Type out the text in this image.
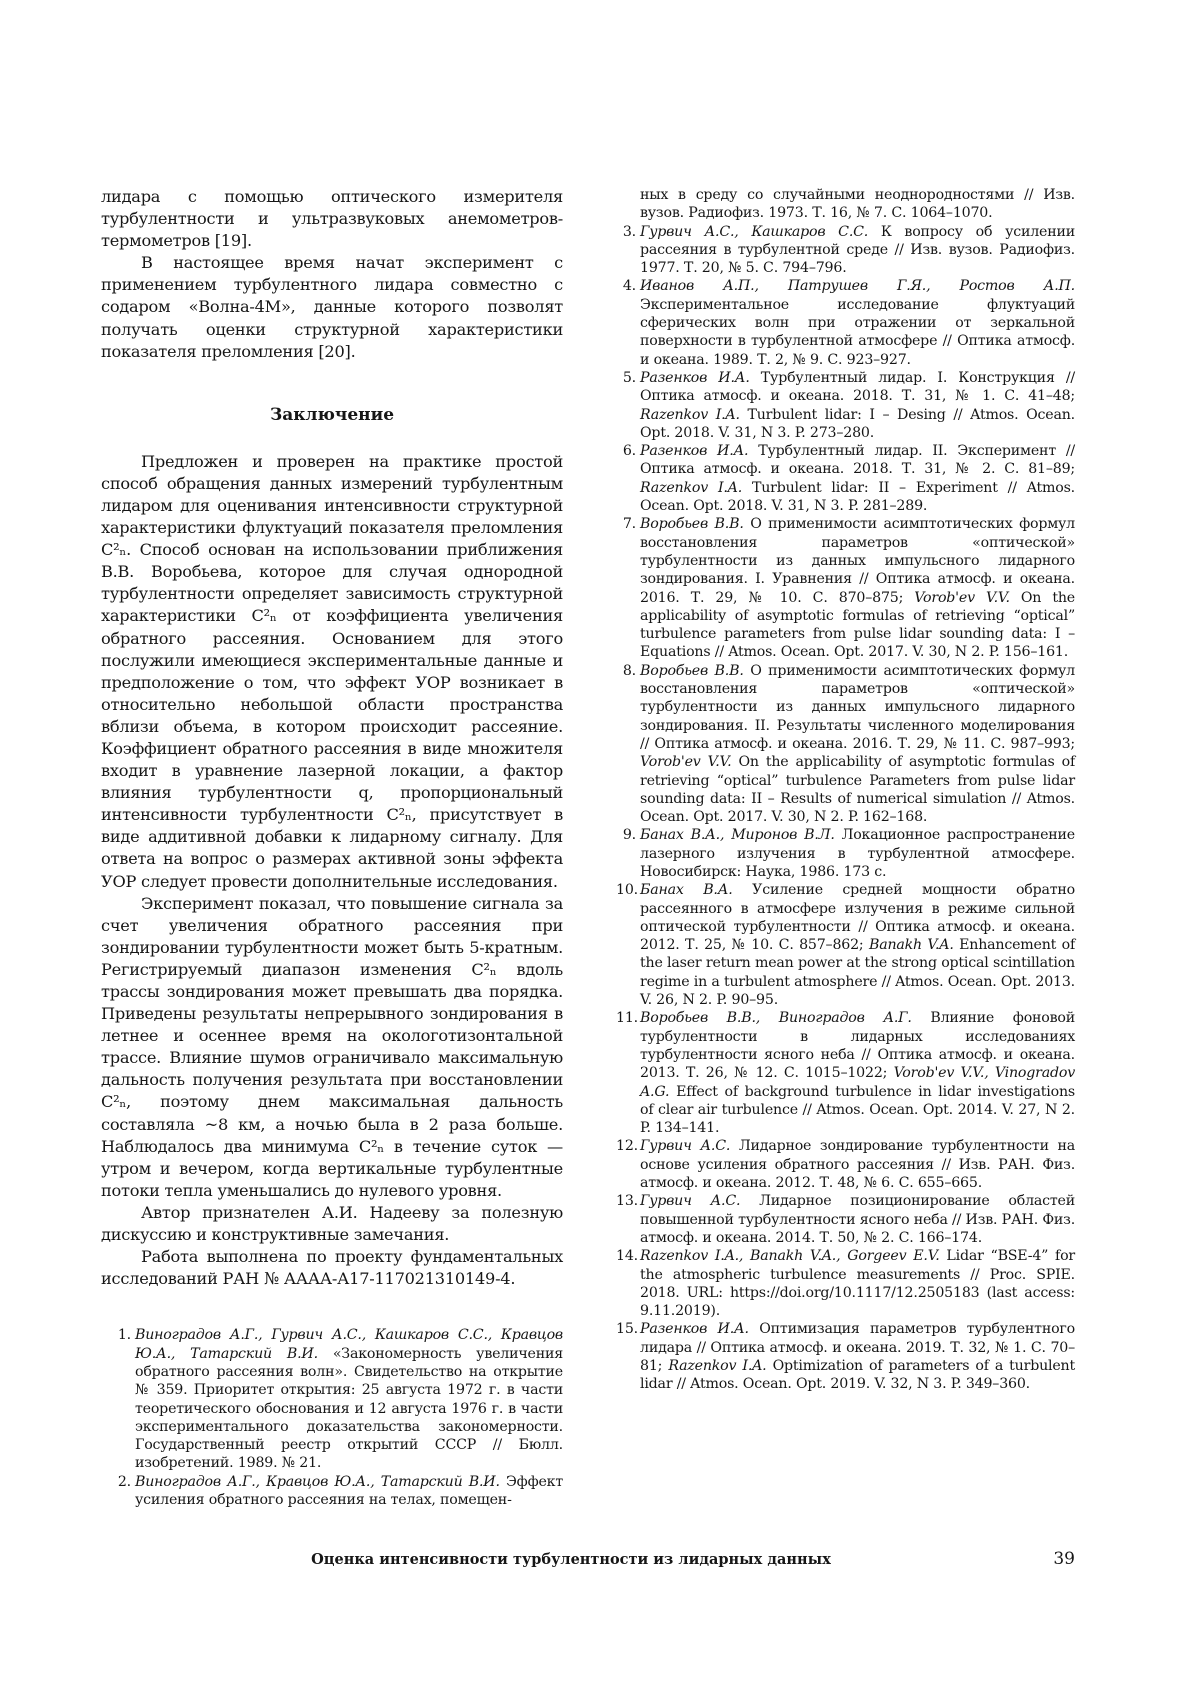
лидара с помощью оптического измерителя турбулентности и ультразвуковых анемометров-термометров [19].

В настоящее время начат эксперимент с применением турбулентного лидара совместно с содаром «Волна-4М», данные которого позволят получать оценки структурной характеристики показателя преломления [20].

Заключение

Предложен и проверен на практике простой способ обращения данных измерений турбулентным лидаром для оценивания интенсивности структурной характеристики флуктуаций показателя преломления C²ₙ. Способ основан на использовании приближения В.В. Воробьева, которое для случая однородной турбулентности определяет зависимость структурной характеристики C²ₙ от коэффициента увеличения обратного рассеяния. Основанием для этого послужили имеющиеся экспериментальные данные и предположение о том, что эффект УОР возникает в относительно небольшой области пространства вблизи объема, в котором происходит рассеяние. Коэффициент обратного рассеяния в виде множителя входит в уравнение лазерной локации, а фактор влияния турбулентности q, пропорциональный интенсивности турбулентности C²ₙ, присутствует в виде аддитивной добавки к лидарному сигналу. Для ответа на вопрос о размерах активной зоны эффекта УОР следует провести дополнительные исследования.

Эксперимент показал, что повышение сигнала за счет увеличения обратного рассеяния при зондировании турбулентности может быть 5-кратным. Регистрируемый диапазон изменения C²ₙ вдоль трассы зондирования может превышать два порядка. Приведены результаты непрерывного зондирования в летнее и осеннее время на окологотизонтальной трассе. Влияние шумов ограничивало максимальную дальность получения результата при восстановлении C²ₙ, поэтому днем максимальная дальность составляла ~8 км, а ночью была в 2 раза больше. Наблюдалось два минимума C²ₙ в течение суток — утром и вечером, когда вертикальные турбулентные потоки тепла уменьшались до нулевого уровня.

Автор признателен А.И. Надееву за полезную дискуссию и конструктивные замечания.

Работа выполнена по проекту фундаментальных исследований РАН № АААА-А17-117021310149-4.

1. Виноградов А.Г., Гурвич А.С., Кашкаров С.С., Кравцов Ю.А., Татарский В.И. «Закономерность увеличения обратного рассеяния волн». Свидетельство на открытие № 359. Приоритет открытия: 25 августа 1972 г. в части теоретического обоснования и 12 августа 1976 г. в части экспериментального доказательства закономерности. Государственный реестр открытий СССР // Бюлл. изобретений. 1989. № 21.

2. Виноградов А.Г., Кравцов Ю.А., Татарский В.И. Эффект усиления обратного рассеяния на телах, помещен-

ных в среду со случайными неоднородностями // Изв. вузов. Радиофиз. 1973. Т. 16, № 7. С. 1064–1070.

3. Гурвич А.С., Кашкаров С.С. К вопросу об усилении рассеяния в турбулентной среде // Изв. вузов. Радиофиз. 1977. Т. 20, № 5. С. 794–796.

4. Иванов А.П., Патрушев Г.Я., Ростов А.П. Экспериментальное исследование флуктуаций сферических волн при отражении от зеркальной поверхности в турбулентной атмосфере // Оптика атмосф. и океана. 1989. Т. 2, № 9. С. 923–927.

5. Разенков И.А. Турбулентный лидар. I. Конструкция // Оптика атмосф. и океана. 2018. Т. 31, № 1. С. 41–48; Razenkov I.A. Turbulent lidar: I – Desing // Atmos. Ocean. Opt. 2018. V. 31, N 3. P. 273–280.

6. Разенков И.А. Турбулентный лидар. II. Эксперимент // Оптика атмосф. и океана. 2018. Т. 31, № 2. С. 81–89; Razenkov I.A. Turbulent lidar: II – Experiment // Atmos. Ocean. Opt. 2018. V. 31, N 3. P. 281–289.

7. Воробьев В.В. О применимости асимптотических формул восстановления параметров «оптической» турбулентности из данных импульсного лидарного зондирования. I. Уравнения // Оптика атмосф. и океана. 2016. Т. 29, № 10. С. 870–875; Vorob'ev V.V. On the applicability of asymptotic formulas of retrieving “optical” turbulence parameters from pulse lidar sounding data: I – Equations // Atmos. Ocean. Opt. 2017. V. 30, N 2. P. 156–161.

8. Воробьев В.В. О применимости асимптотических формул восстановления параметров «оптической» турбулентности из данных импульсного лидарного зондирования. II. Результаты численного моделирования // Оптика атмосф. и океана. 2016. Т. 29, № 11. С. 987–993; Vorob'ev V.V. On the applicability of asymptotic formulas of retrieving “optical” turbulence Parameters from pulse lidar sounding data: II – Results of numerical simulation // Atmos. Ocean. Opt. 2017. V. 30, N 2. P. 162–168.

9. Банах В.А., Миронов В.Л. Локационное распространение лазерного излучения в турбулентной атмосфере. Новосибирск: Наука, 1986. 173 с.

10. Банах В.А. Усиление средней мощности обратно рассеянного в атмосфере излучения в режиме сильной оптической турбулентности // Оптика атмосф. и океана. 2012. Т. 25, № 10. С. 857–862; Banakh V.A. Enhancement of the laser return mean power at the strong optical scintillation regime in a turbulent atmosphere // Atmos. Ocean. Opt. 2013. V. 26, N 2. P. 90–95.

11. Воробьев В.В., Виноградов А.Г. Влияние фоновой турбулентности в лидарных исследованиях турбулентности ясного неба // Оптика атмосф. и океана. 2013. Т. 26, № 12. С. 1015–1022; Vorob'ev V.V., Vinogradov A.G. Effect of background turbulence in lidar investigations of clear air turbulence // Atmos. Ocean. Opt. 2014. V. 27, N 2. P. 134–141.

12. Гурвич А.С. Лидарное зондирование турбулентности на основе усиления обратного рассеяния // Изв. РАН. Физ. атмосф. и океана. 2012. Т. 48, № 6. С. 655–665.

13. Гурвич А.С. Лидарное позиционирование областей повышенной турбулентности ясного неба // Изв. РАН. Физ. атмосф. и океана. 2014. Т. 50, № 2. С. 166–174.

14. Razenkov I.A., Banakh V.A., Gorgeev E.V. Lidar “BSE-4” for the atmospheric turbulence measurements // Proc. SPIE. 2018. URL: https://doi.org/10.1117/12.2505183 (last access: 9.11.2019).

15. Разенков И.А. Оптимизация параметров турбулентного лидара // Оптика атмосф. и океана. 2019. Т. 32, № 1. С. 70–81; Razenkov I.A. Optimization of parameters of a turbulent lidar // Atmos. Ocean. Opt. 2019. V. 32, N 3. P. 349–360.

Оценка интенсивности турбулентности из лидарных данных	39
